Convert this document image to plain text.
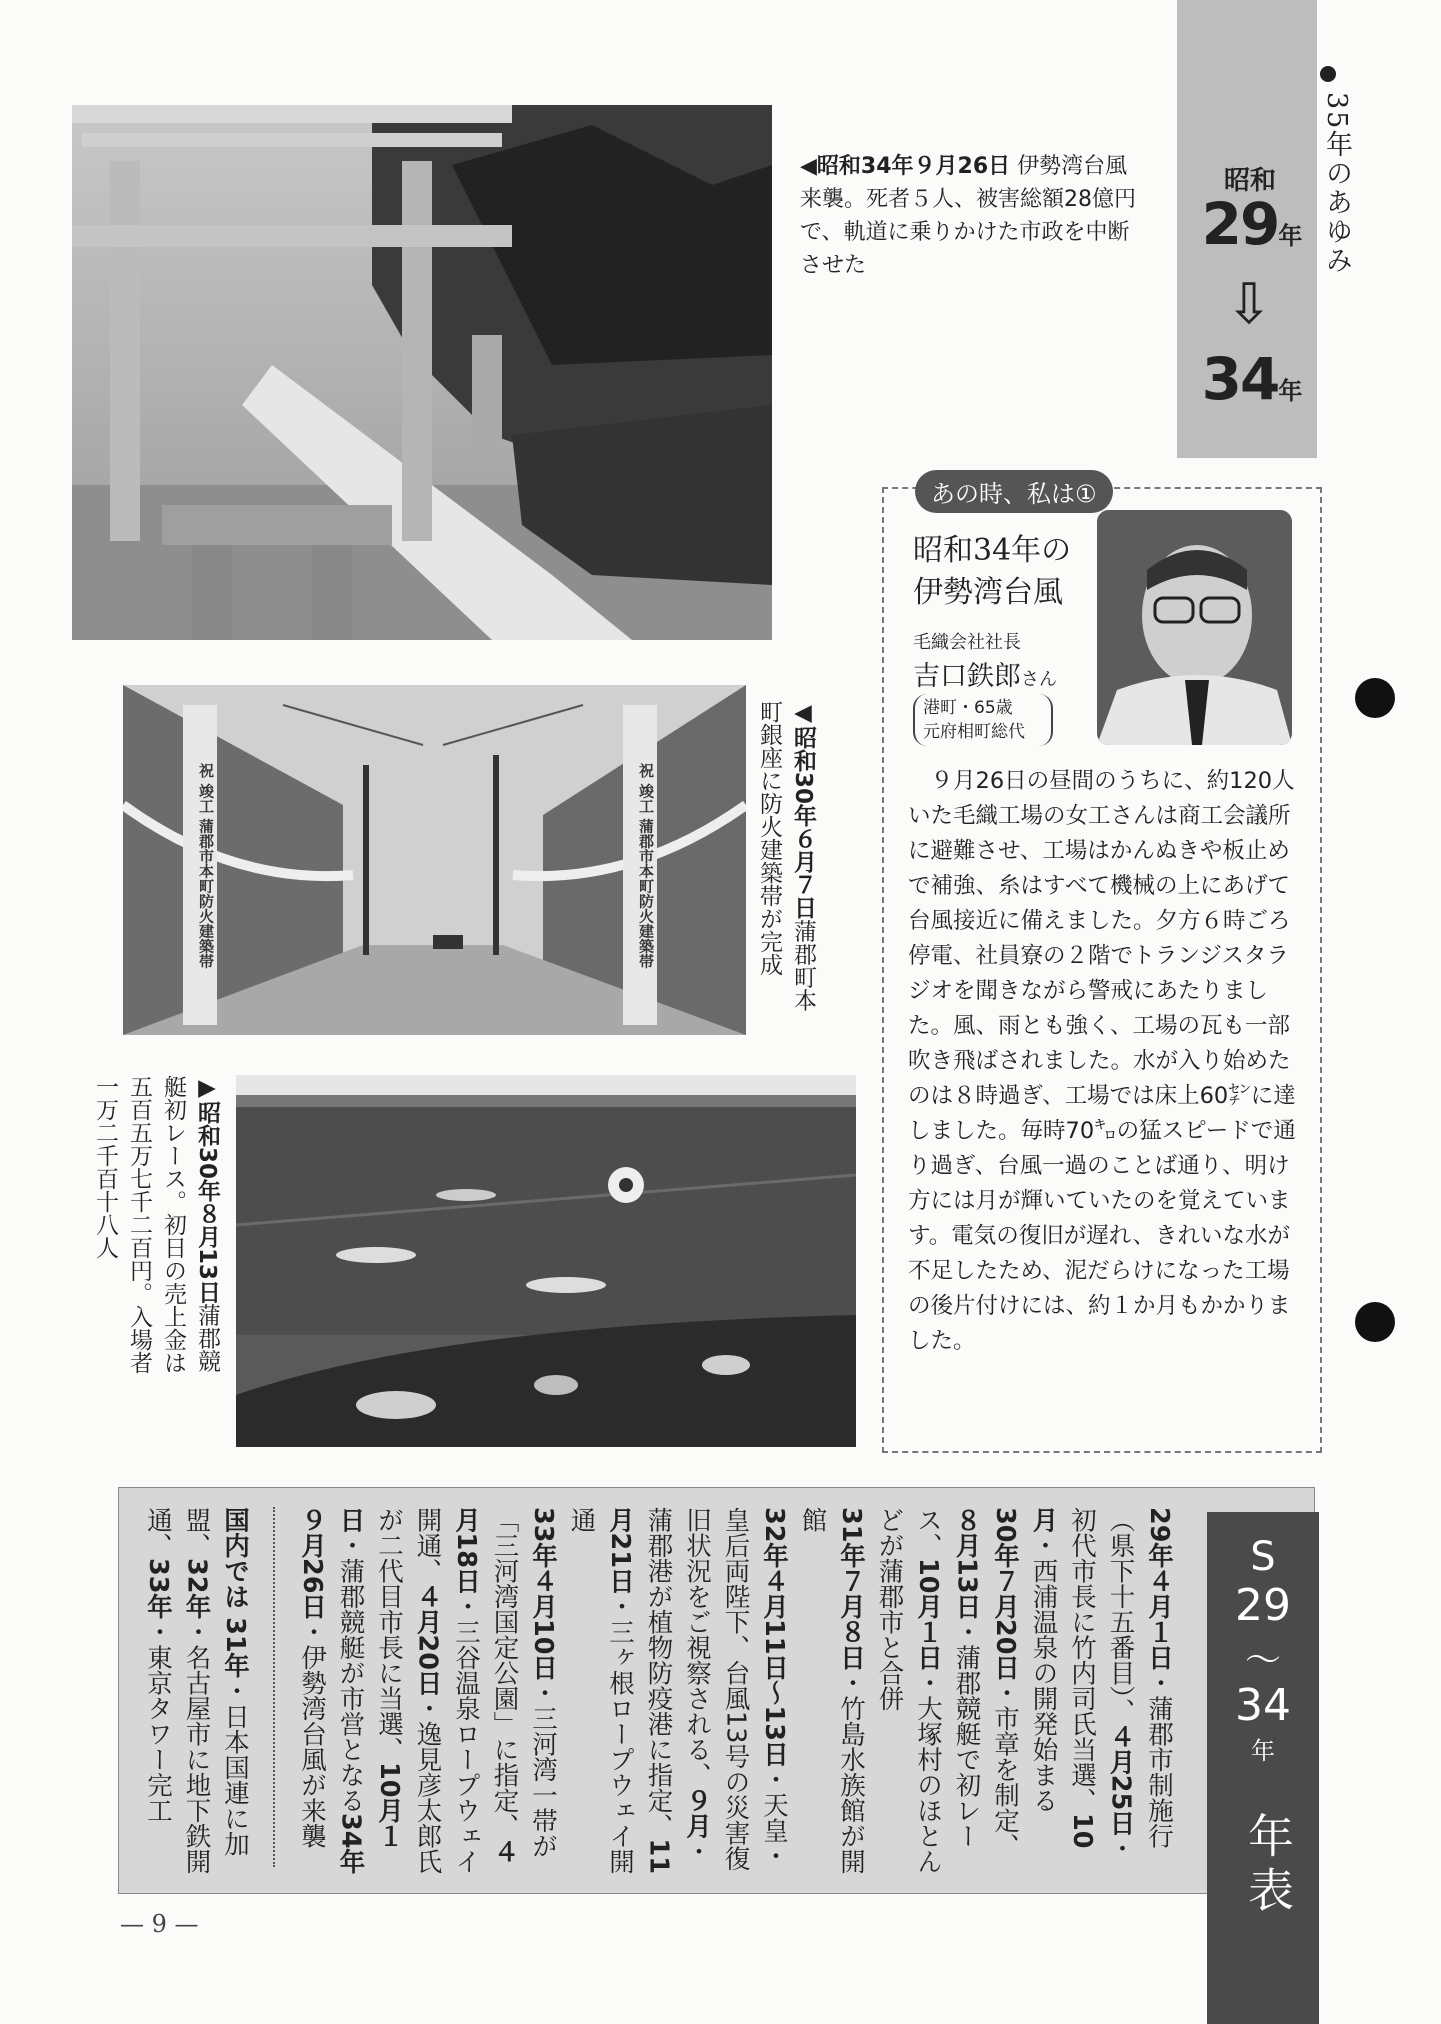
昭和
29年
⇩
34年
35年のあゆみ
◀昭和34年９月26日 伊勢湾台風来襲。死者５人、被害総額28億円で、軌道に乗りかけた市政を中断させた
祝 竣工 蒲郡市本町防火建築帯	祝 竣工 蒲郡市本町防火建築帯	◀昭和30年６月７日蒲郡町本町銀座に防火建築帯が完成
▶昭和30年８月13日蒲郡競艇初レース。初日の売上金は五百五万七千二百円。入場者一万二千百十八人
あの時、私は①
昭和34年の
伊勢湾台風
毛織会社社長
吉口鉄郎さん
港町・65歳
元府相町総代
９月26日の昼間のうちに、約120人いた毛織工場の女工さんは商工会議所に避難させ、工場はかんぬきや板止めで補強、糸はすべて機械の上にあげて台風接近に備えました。夕方６時ごろ停電、社員寮の２階でトランジスタラジオを聞きながら警戒にあたりました。風、雨とも強く、工場の瓦も一部吹き飛ばされました。水が入り始めたのは８時過ぎ、工場では床上60㌢に達しました。毎時70㌔の猛スピードで通り過ぎ、台風一過のことば通り、明け方には月が輝いていたのを覚えています。電気の復旧が遅れ、きれいな水が不足したため、泥だらけになった工場の後片付けには、約１か月もかかりました。
29年４月１日・蒲郡市制施行（県下十五番目）、４月25日・初代市長に竹内司氏当選、10月・西浦温泉の開発始まる
30年７月20日・市章を制定、８月13日・蒲郡競艇で初レース、10月１日・大塚村のほとんどが蒲郡市と合併
31年７月８日・竹島水族館が開館
32年４月11日〜13日・天皇・皇后両陛下、台風13号の災害復旧状況をご視察される、９月・蒲郡港が植物防疫港に指定、11月21日・三ヶ根ロープウェイ開通
33年４月10日・三河湾一帯が「三河湾国定公園」に指定、４月18日・三谷温泉ロープウェイ開通、４月20日・逸見彦太郎氏が二代目市長に当選、10月１日・蒲郡競艇が市営となる34年９月26日・伊勢湾台風が来襲  国内では 31年・日本国連に加盟、32年・名古屋市に地下鉄開通、33年・東京タワー完工
S
29
〜
34
年
年表
— 9 —
